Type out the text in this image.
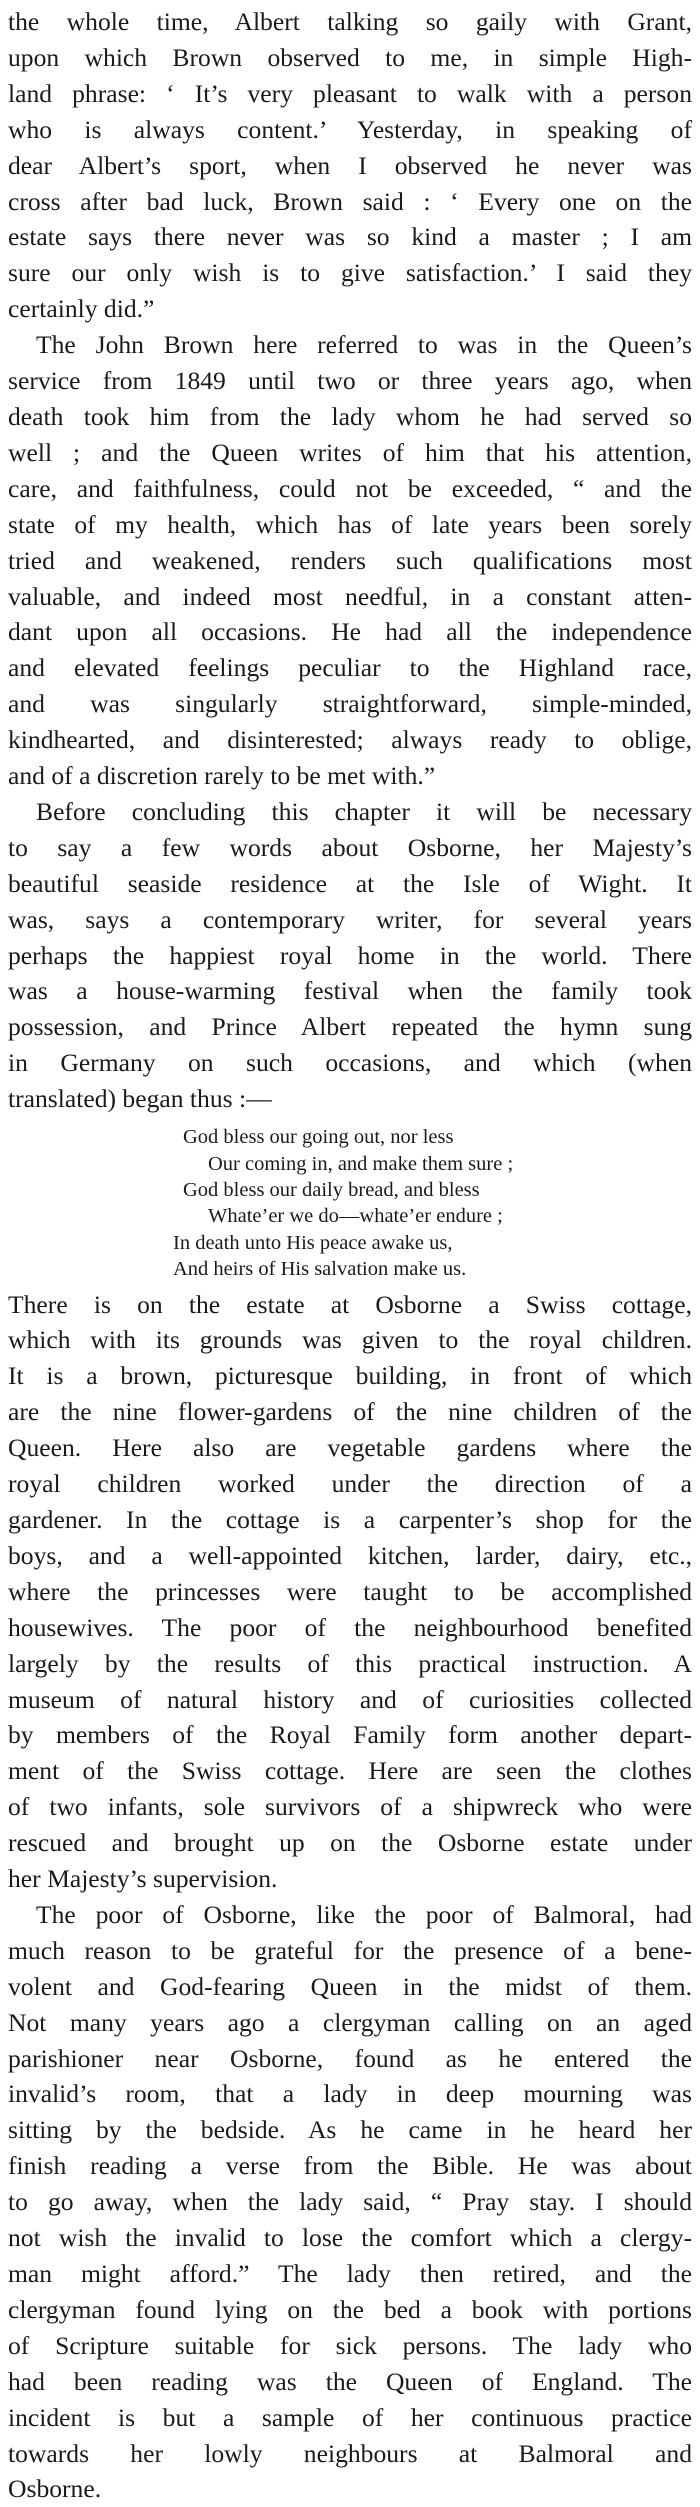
the whole time, Albert talking so gaily with Grant,
upon which Brown observed to me, in simple High-
land phrase: ‘ It’s very pleasant to walk with a person
who is always content.’ Yesterday, in speaking of
dear Albert’s sport, when I observed he never was
cross after bad luck, Brown said : ‘ Every one on the
estate says there never was so kind a master ; I am
sure our only wish is to give satisfaction.’ I said they
certainly did.”
The John Brown here referred to was in the Queen’s
service from 1849 until two or three years ago, when
death took him from the lady whom he had served so
well ; and the Queen writes of him that his attention,
care, and faithfulness, could not be exceeded, “ and the
state of my health, which has of late years been sorely
tried and weakened, renders such qualifications most
valuable, and indeed most needful, in a constant atten-
dant upon all occasions. He had all the independence
and elevated feelings peculiar to the Highland race,
and was singularly straightforward, simple-minded,
kindhearted, and disinterested; always ready to oblige,
and of a discretion rarely to be met with.”
Before concluding this chapter it will be necessary
to say a few words about Osborne, her Majesty’s
beautiful seaside residence at the Isle of Wight. It
was, says a contemporary writer, for several years
perhaps the happiest royal home in the world. There
was a house-warming festival when the family took
possession, and Prince Albert repeated the hymn sung
in Germany on such occasions, and which (when
translated) began thus :—
God bless our going out, nor less
Our coming in, and make them sure ;
God bless our daily bread, and bless
Whate’er we do—whate’er endure ;
In death unto His peace awake us,
And heirs of His salvation make us.
There is on the estate at Osborne a Swiss cottage,
which with its grounds was given to the royal children.
It is a brown, picturesque building, in front of which
are the nine flower-gardens of the nine children of the
Queen. Here also are vegetable gardens where the
royal children worked under the direction of a
gardener. In the cottage is a carpenter’s shop for the
boys, and a well-appointed kitchen, larder, dairy, etc.,
where the princesses were taught to be accomplished
housewives. The poor of the neighbourhood benefited
largely by the results of this practical instruction. A
museum of natural history and of curiosities collected
by members of the Royal Family form another depart-
ment of the Swiss cottage. Here are seen the clothes
of two infants, sole survivors of a shipwreck who were
rescued and brought up on the Osborne estate under
her Majesty’s supervision.
The poor of Osborne, like the poor of Balmoral, had
much reason to be grateful for the presence of a bene-
volent and God-fearing Queen in the midst of them.
Not many years ago a clergyman calling on an aged
parishioner near Osborne, found as he entered the
invalid’s room, that a lady in deep mourning was
sitting by the bedside. As he came in he heard her
finish reading a verse from the Bible. He was about
to go away, when the lady said, “ Pray stay. I should
not wish the invalid to lose the comfort which a clergy-
man might afford.” The lady then retired, and the
clergyman found lying on the bed a book with portions
of Scripture suitable for sick persons. The lady who
had been reading was the Queen of England. The
incident is but a sample of her continuous practice
towards her lowly neighbours at Balmoral and
Osborne.
